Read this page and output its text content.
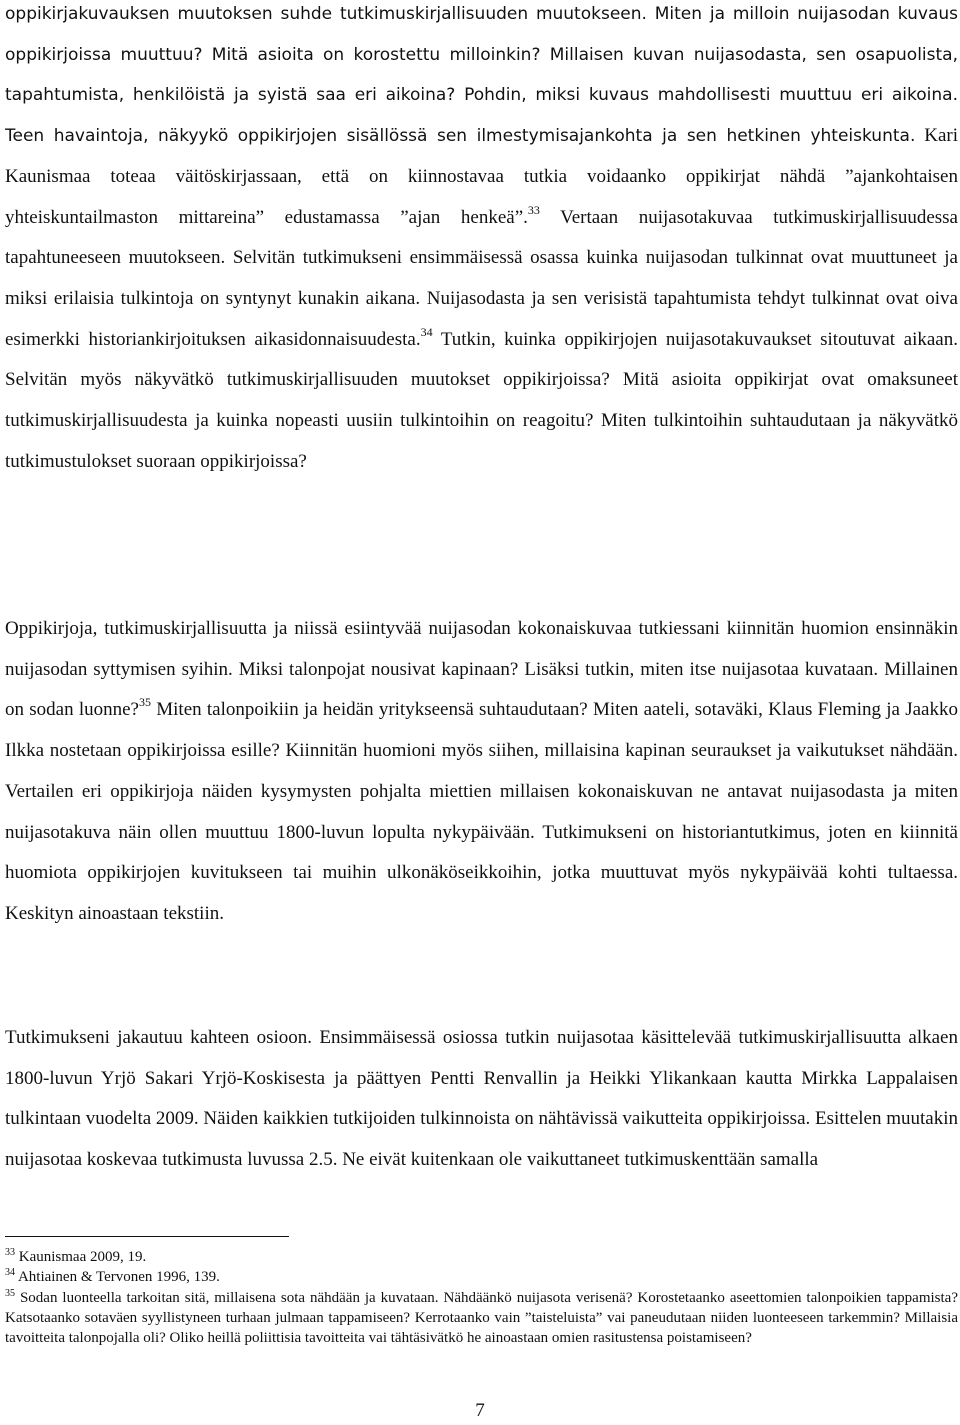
oppikirjakuvauksen muutoksen suhde tutkimuskirjallisuuden muutokseen. Miten ja milloin nuijasodan kuvaus oppikirjoissa muuttuu? Mitä asioita on korostettu milloinkin? Millaisen kuvan nuijasodasta, sen osapuolista, tapahtumista, henkilöistä ja syistä saa eri aikoina? Pohdin, miksi kuvaus mahdollisesti muuttuu eri aikoina. Teen havaintoja, näkyykö oppikirjojen sisällössä sen ilmestymisajankohta ja sen hetkinen yhteiskunta. Kari Kaunismaa toteaa väitöskirjassaan, että on kiinnostavaa tutkia voidaanko oppikirjat nähdä ”ajankohtaisen yhteiskuntailmaston mittareina” edustamassa ”ajan henkeä”.$^{33}$ Vertaan nuijasotakuvaa tutkimuskirjallisuudessa tapahtuneeseen muutokseen. Selvitän tutkimukseni ensimmäisessä osassa kuinka nuijasodan tulkinnat ovat muuttuneet ja miksi erilaisia tulkintoja on syntynyt kunakin aikana. Nuijasodasta ja sen verisistä tapahtumista tehdyt tulkinnat ovat oiva esimerkki historiankirjoituksen aikasidonnaisuudesta.$^{34}$ Tutkin, kuinka oppikirjojen nuijasotakuvaukset sitoutuvat aikaan. Selvitän myös näkyvätkö tutkimuskirjallisuuden muutokset oppikirjoissa? Mitä asioita oppikirjat ovat omaksuneet tutkimuskirjallisuudesta ja kuinka nopeasti uusiin tulkintoihin on reagoitu? Miten tulkintoihin suhtaudutaan ja näkyvätkö tutkimustulokset suoraan oppikirjoissa?

Oppikirjoja, tutkimuskirjallisuutta ja niissä esiintyvää nuijasodan kokonaiskuvaa tutkiessani kiinnitän huomion ensinnäkin nuijasodan syttymisen syihin. Miksi talonpojat nousivat kapinaan? Lisäksi tutkin, miten itse nuijasotaa kuvataan. Millainen on sodan luonne?$^{35}$ Miten talonpoikiin ja heidän yritykseensä suhtaudutaan? Miten aateli, sotaväki, Klaus Fleming ja Jaakko Ilkka nostetaan oppikirjoissa esille? Kiinnitän huomioni myös siihen, millaisina kapinan seuraukset ja vaikutukset nähdään. Vertailen eri oppikirjoja näiden kysymysten pohjalta miettien millaisen kokonaiskuvan ne antavat nuijasodasta ja miten nuijasotakuva näin ollen muuttuu 1800-luvun lopulta nykypäivään. Tutkimukseni on historiantutkimus, joten en kiinnitä huomiota oppikirjojen kuvitukseen tai muihin ulkonäköseikkoihin, jotka muuttuvat myös nykypäivää kohti tultaessa. Keskityn ainoastaan tekstiin.

Tutkimukseni jakautuu kahteen osioon. Ensimmäisessä osiossa tutkin nuijasotaa käsittelevää tutkimuskirjallisuutta alkaen 1800-luvun Yrjö Sakari Yrjö-Koskisesta ja päättyen Pentti Renvallin ja Heikki Ylikankaan kautta Mirkka Lappalaisen tulkintaan vuodelta 2009. Näiden kaikkien tutkijoiden tulkinnoista on nähtävissä vaikutteita oppikirjoissa. Esittelen muutakin nuijasotaa koskevaa tutkimusta luvussa 2.5. Ne eivät kuitenkaan ole vaikuttaneet tutkimuskenttään samalla

$^{33}$ Kaunismaa 2009, 19.
$^{34}$ Ahtiainen & Tervonen 1996, 139.
$^{35}$ Sodan luonteella tarkoitan sitä, millaisena sota nähdään ja kuvataan. Nähdäänkö nuijasota verisenä? Korostetaanko aseettomien talonpoikien tappamista? Katsotaanko sotaväen syyllistyneen turhaan julmaan tappamiseen? Kerrotaanko vain ”taisteluista” vai paneudutaan niiden luonteeseen tarkemmin? Millaisia tavoitteita talonpojalla oli? Oliko heillä poliittisia tavoitteita vai tähtäsivätkö he ainoastaan omien rasitustensa poistamiseen?
7
